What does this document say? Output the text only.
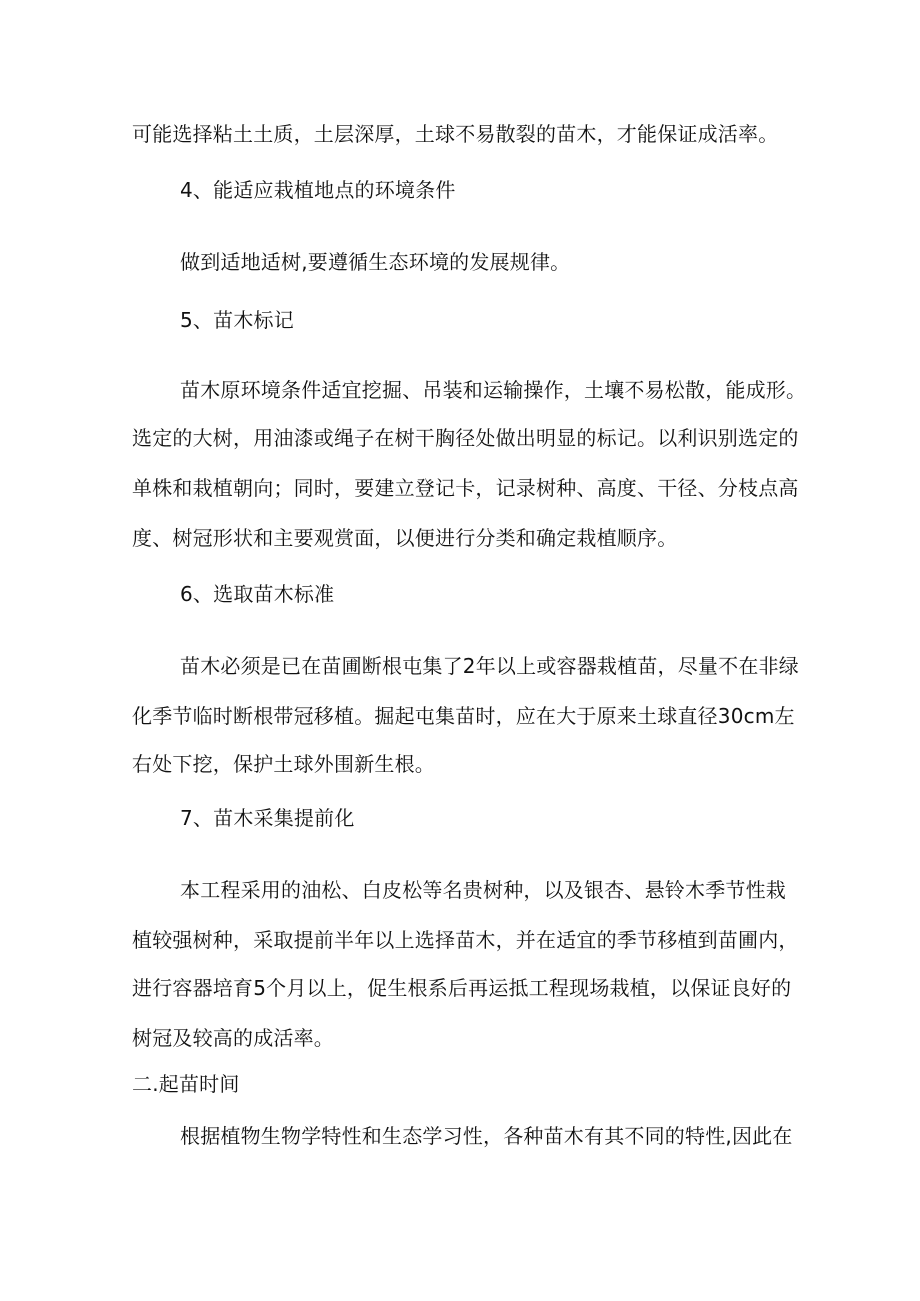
可能选择粘土土质，土层深厚，土球不易散裂的苗木，才能保证成活率。

4、能适应栽植地点的环境条件

做到适地适树,要遵循生态环境的发展规律。

5、苗木标记

苗木原环境条件适宜挖掘、吊装和运输操作，土壤不易松散，能成形。

选定的大树，用油漆或绳子在树干胸径处做出明显的标记。以利识别选定的

单株和栽植朝向；同时，要建立登记卡，记录树种、高度、干径、分枝点高

度、树冠形状和主要观赏面，以便进行分类和确定栽植顺序。

6、选取苗木标准

苗木必须是已在苗圃断根屯集了2年以上或容器栽植苗，尽量不在非绿

化季节临时断根带冠移植。掘起屯集苗时，应在大于原来土球直径30cm左

右处下挖，保护土球外围新生根。

7、苗木采集提前化

本工程采用的油松、白皮松等名贵树种，以及银杏、悬铃木季节性栽

植较强树种，采取提前半年以上选择苗木，并在适宜的季节移植到苗圃内，

进行容器培育5个月以上，促生根系后再运抵工程现场栽植，以保证良好的

树冠及较高的成活率。

二.起苗时间

根据植物生物学特性和生态学习性，各种苗木有其不同的特性,因此在
